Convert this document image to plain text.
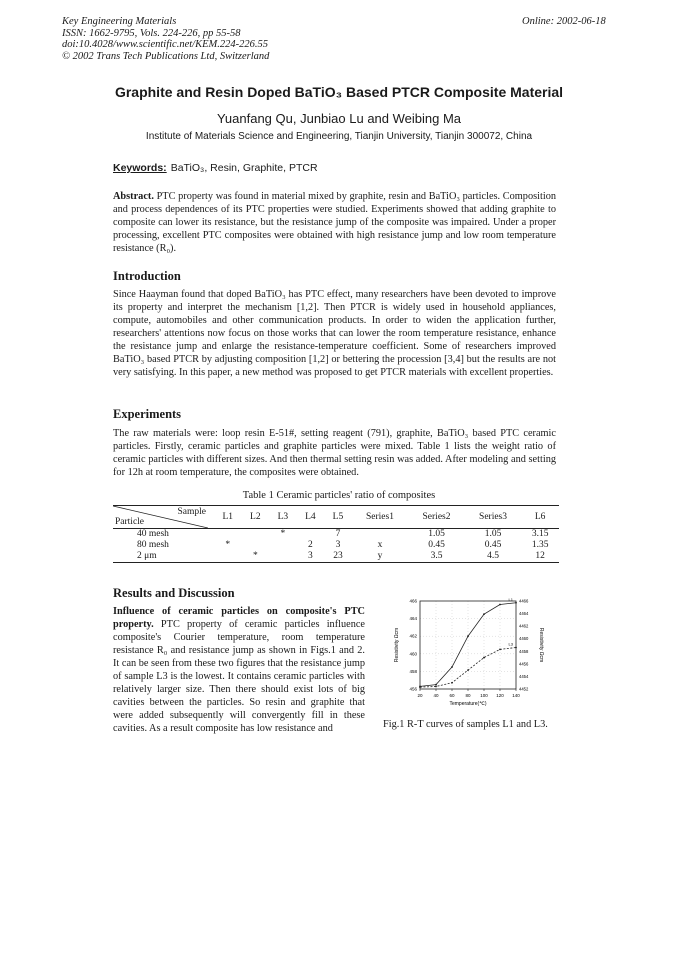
Key Engineering Materials
ISSN: 1662-9795, Vols. 224-226, pp 55-58
doi:10.4028/www.scientific.net/KEM.224-226.55
© 2002 Trans Tech Publications Ltd, Switzerland
Online: 2002-06-18
Graphite and Resin Doped BaTiO₃ Based PTCR Composite Material
Yuanfang Qu, Junbiao Lu and Weibing Ma
Institute of Materials Science and Engineering, Tianjin University, Tianjin 300072, China
Keywords: BaTiO₃, Resin, Graphite, PTCR
Abstract. PTC property was found in material mixed by graphite, resin and BaTiO₃ particles. Composition and process dependences of its PTC properties were studied. Experiments showed that adding graphite to composite can lower its resistance, but the resistance jump of the composite was impaired. Under a proper processing, excellent PTC composites were obtained with high resistance jump and low room temperature resistance (R₀).
Introduction
Since Haayman found that doped BaTiO₃ has PTC effect, many researchers have been devoted to improve its property and interpret the mechanism [1,2]. Then PTCR is widely used in household appliances, compute, automobiles and other communication products. In order to widen the application further, researchers' attentions now focus on those works that can lower the room temperature resistance, enhance the resistance jump and enlarge the resistance-temperature coefficient. Some of researchers improved BaTiO₃ based PTCR by adjusting composition [1,2] or bettering the procession [3,4] but the results are not very satisfying. In this paper, a new method was proposed to get PTCR materials with excellent properties.
Experiments
The raw materials were: loop resin E-51#, setting reagent (791), graphite, BaTiO₃ based PTC ceramic particles. Firstly, ceramic particles and graphite particles were mixed. Table 1 lists the weight ratio of ceramic particles with different sizes. And then thermal setting resin was added. After modeling and setting for 12h at room temperature, the composites were obtained.
Table 1 Ceramic particles' ratio of composites
Sample
Particle	L1	L2	L3	L4	L5	Series1	Series2	Series3	L6
40 mesh			*		7		1.05	1.05	3.15
80 mesh	*			2	3	x	0.45	0.45	1.35
2 μm		*		3	23	y	3.5	4.5	12
Results and Discussion
Influence of ceramic particles on composite's PTC property. PTC property of ceramic particles influence composite's Courier temperature, room temperature resistance R₀ and resistance jump as shown in Figs.1 and 2. It can be seen from these two figures that the resistance jump of sample L3 is the lowest. It contains ceramic particles with relatively larger size. Then there should exist lots of big cavities between the particles. So resin and graphite that were added subsequently will convergently fill in these cavities. As a result composite has low resistance and
20 40 60 80 100 120 140
466
464
462
460
458
456
4466
4464
4462
4460
4458
4456
4454
4452
Temperature(℃)
Resistivity Ωcm	Resistivity Ωcm
L1
L3
Fig.1 R-T curves of samples L1 and L3.
